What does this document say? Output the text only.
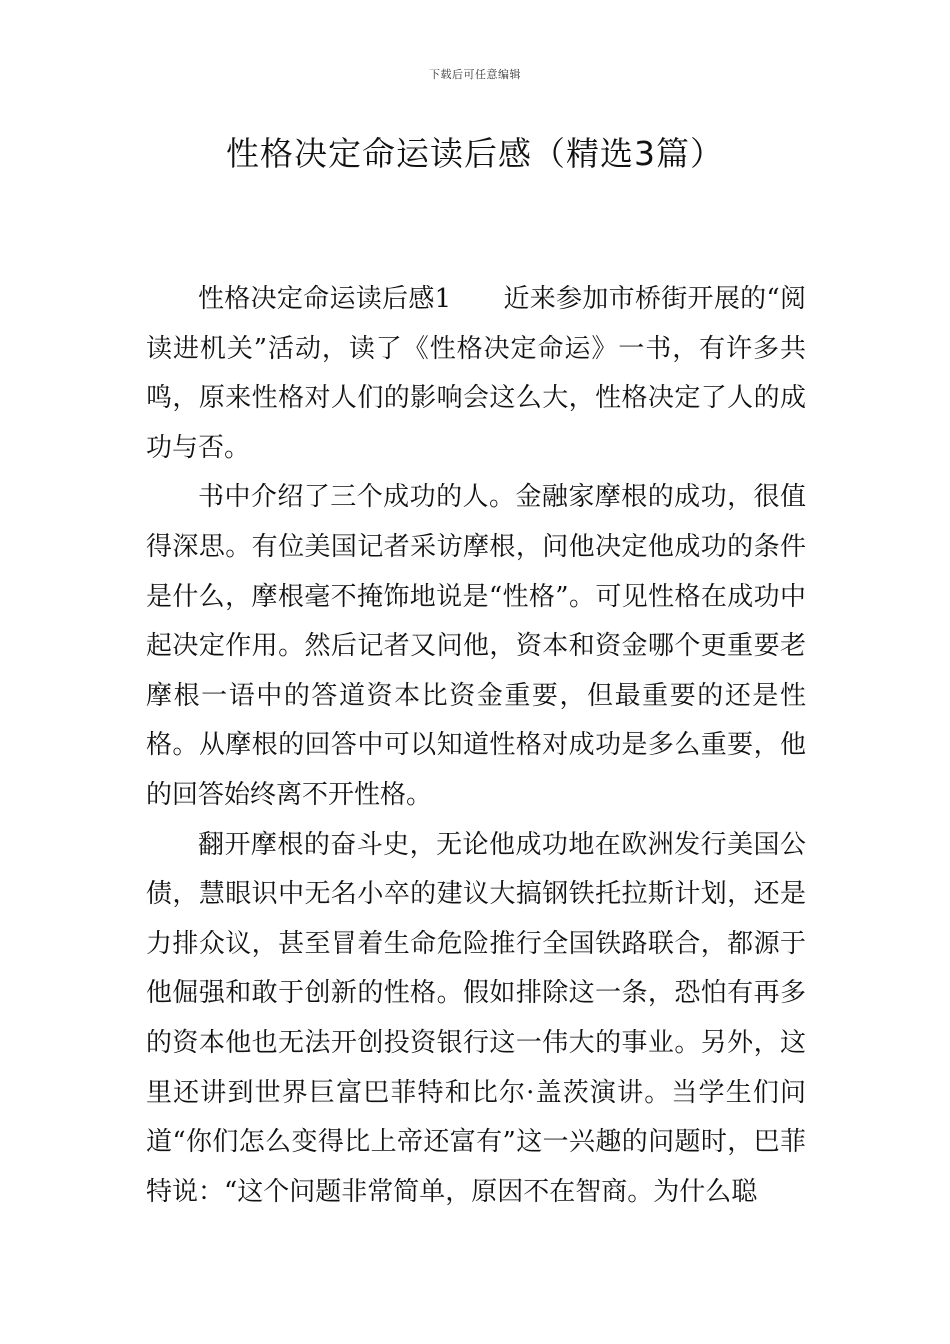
下载后可任意编辑
性格决定命运读后感（精选3篇）

性格决定命运读后感1 近来参加市桥街开展的“阅读进机关”活动，读了《性格决定命运》一书，有许多共鸣，原来性格对人们的影响会这么大，性格决定了人的成功与否。

书中介绍了三个成功的人。金融家摩根的成功，很值得深思。有位美国记者采访摩根，问他决定他成功的条件是什么，摩根毫不掩饰地说是“性格”。可见性格在成功中起决定作用。然后记者又问他，资本和资金哪个更重要老摩根一语中的答道资本比资金重要，但最重要的还是性格。从摩根的回答中可以知道性格对成功是多么重要，他的回答始终离不开性格。

翻开摩根的奋斗史，无论他成功地在欧洲发行美国公债，慧眼识中无名小卒的建议大搞钢铁托拉斯计划，还是力排众议，甚至冒着生命危险推行全国铁路联合，都源于他倔强和敢于创新的性格。假如排除这一条，恐怕有再多的资本他也无法开创投资银行这一伟大的事业。另外，这里还讲到世界巨富巴菲特和比尔·盖茨演讲。当学生们问道“你们怎么变得比上帝还富有”这一兴趣的问题时，巴菲特说：“这个问题非常简单，原因不在智商。为什么聪
